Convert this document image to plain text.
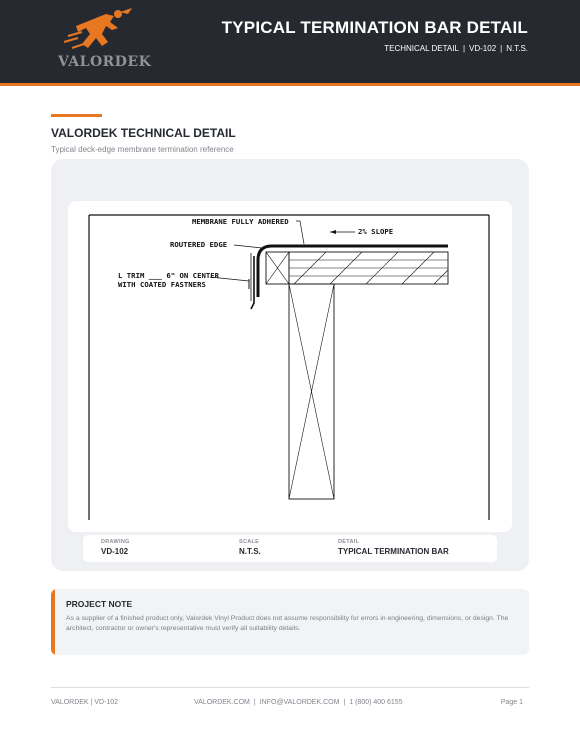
VALORDEK
TYPICAL TERMINATION BAR DETAIL
TECHNICAL DETAIL | VD-102 | N.T.S.
VALORDEK TECHNICAL DETAIL
Typical deck-edge membrane termination reference
MEMBRANE FULLY ADHERED
2% SLOPE
ROUTERED EDGE
L TRIM ___ 6" ON CENTER
WITH COATED FASTNERS
DRAWING
VD-102
SCALE
N.T.S.
DETAIL
TYPICAL TERMINATION BAR
PROJECT NOTE
As a supplier of a finished product only, Valordek Vinyl Product does not assume responsibility for errors in engineering, dimensions, or design. The architect, contractor or owner's representative must verify all suitability details.
VALORDEK | VD-102	VALORDEK.COM | INFO@VALORDEK.COM | 1 (800) 400 6155	Page 1
